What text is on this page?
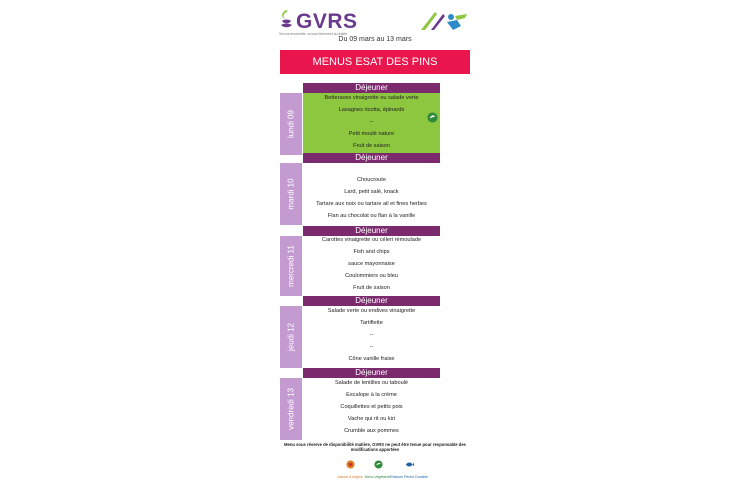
GVRS
Vivons ensemble, vivons librement la réalité
Du 09 mars au 13 mars
MENUS ESAT DES PINS
lundi 09
Déjeuner
Betteraves vinaigrette ou salade verte
Lasagnes ricotta, épinards
--
Petit moulé nature
Fruit de saison
Déjeuner
mardi 10	Choucroute
Lard, petit salé, knack
Tartare aux noix ou tartare ail et fines herbes
Flan au chocolat ou flan à la vanille
Déjeuner
mercredi 11
Carottes vinaigrette ou céleri rémoulade
Fish and chips
sauce mayonnaise
Coulommiers ou bleu
Fruit de saison
Déjeuner
jeudi 12
Salade verte ou endives vinaigrette
Tartiflette
--
--
Cône vanille fraise
Déjeuner
vendredi 13
Salade de lentilles ou taboulé
Escalope à la crème
Coquillettes et petits pois
Vache qui rit ou kiri
Crumble aux pommes
Menu sous réserve de disponibilité matière, GVRS ne peut être tenue pour responsable des modifications apportées
Viande d'origine Menu végétarien
Poisson Pêche Durable
